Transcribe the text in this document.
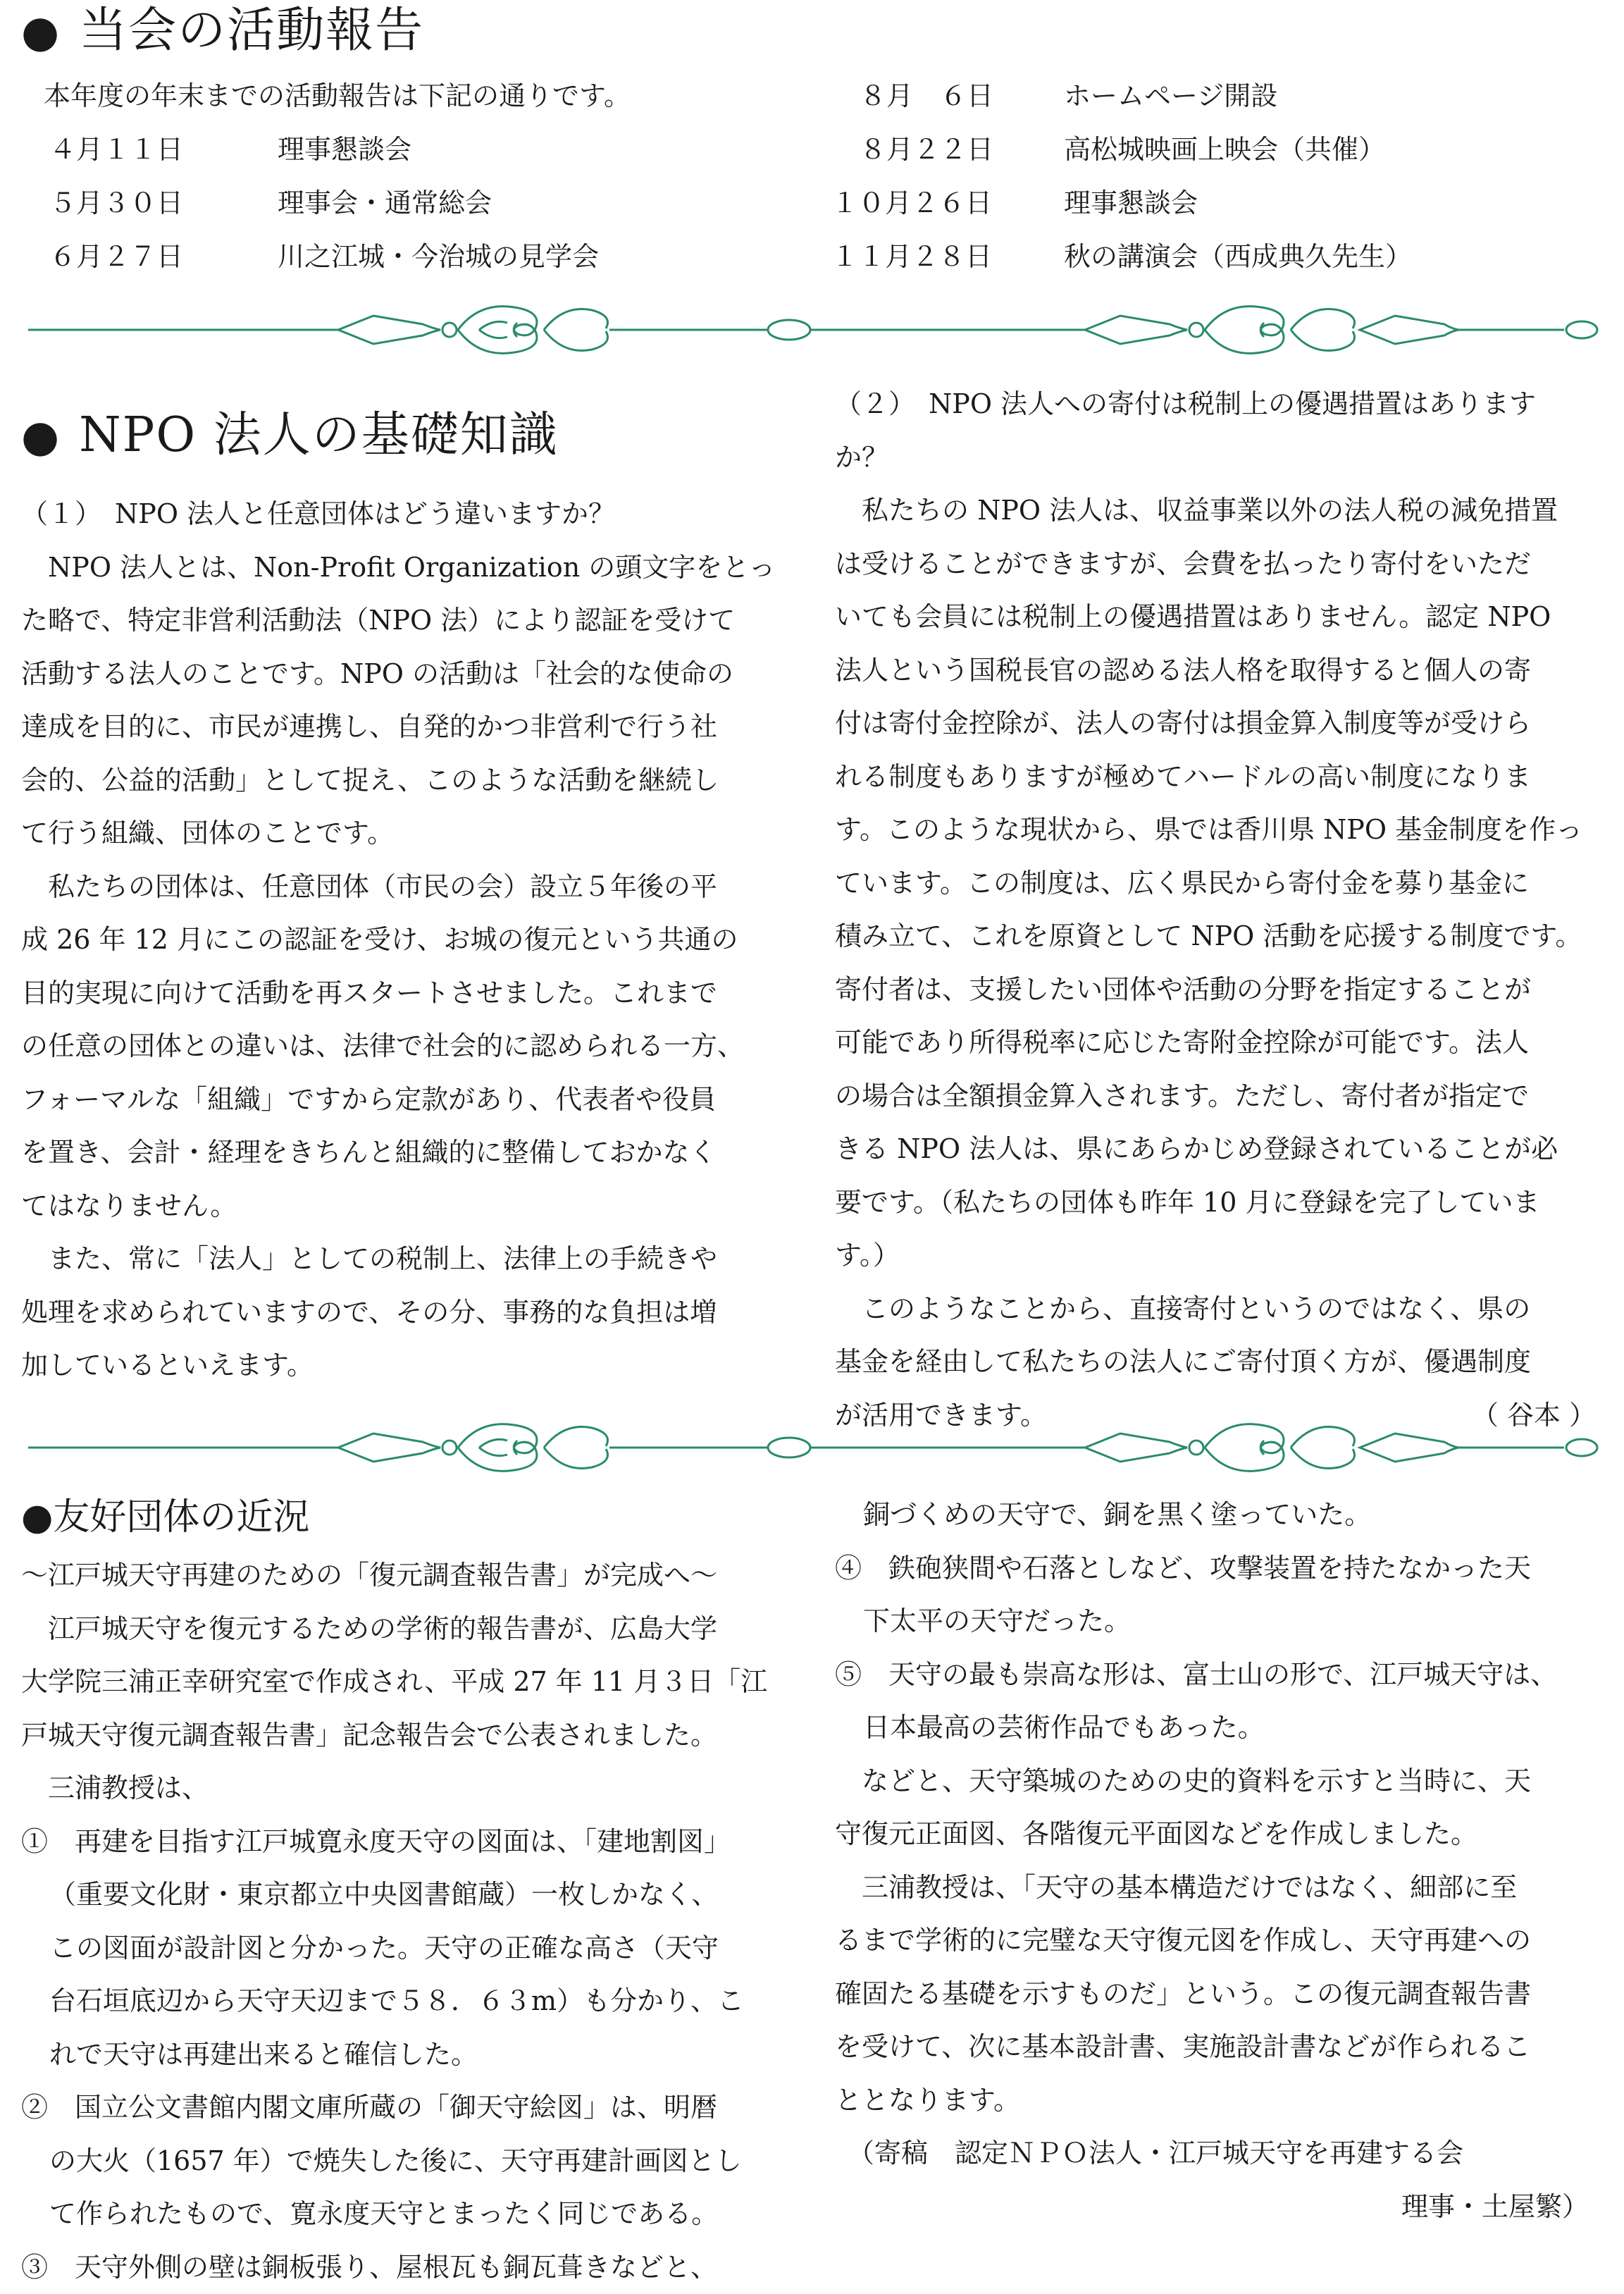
● 当会の活動報告
本年度の年末までの活動報告は下記の通りです。
４月１１日	理事懇談会
５月３０日	理事会・通常総会
６月２７日	川之江城・今治城の見学会
８月　６日	ホームページ開設
８月２２日	高松城映画上映会（共催）
１０月２６日	理事懇談会
１１月２８日	秋の講演会（西成典久先生）
● NPO 法人の基礎知識

（１）　NPO 法人と任意団体はどう違いますか？

　NPO 法人とは、Non-Profit Organization の頭文字をとっ

た略で、特定非営利活動法（NPO 法）により認証を受けて

活動する法人のことです。NPO の活動は「社会的な使命の

達成を目的に、市民が連携し、自発的かつ非営利で行う社

会的、公益的活動」として捉え、このような活動を継続し

て行う組織、団体のことです。

　私たちの団体は、任意団体（市民の会）設立５年後の平

成 26 年 12 月にこの認証を受け、お城の復元という共通の

目的実現に向けて活動を再スタートさせました。これまで

の任意の団体との違いは、法律で社会的に認められる一方、

フォーマルな「組織」ですから定款があり、代表者や役員

を置き、会計・経理をきちんと組織的に整備しておかなく

てはなりません。

　また、常に「法人」としての税制上、法律上の手続きや

処理を求められていますので、その分、事務的な負担は増

加しているといえます。

（２）　NPO 法人への寄付は税制上の優遇措置はあります

か？

　私たちの NPO 法人は、収益事業以外の法人税の減免措置

は受けることができますが、会費を払ったり寄付をいただ

いても会員には税制上の優遇措置はありません。認定 NPO

法人という国税長官の認める法人格を取得すると個人の寄

付は寄付金控除が、法人の寄付は損金算入制度等が受けら

れる制度もありますが極めてハードルの高い制度になりま

す。このような現状から、県では香川県 NPO 基金制度を作っ

ています。この制度は、広く県民から寄付金を募り基金に

積み立て、これを原資として NPO 活動を応援する制度です。

寄付者は、支援したい団体や活動の分野を指定することが

可能であり所得税率に応じた寄附金控除が可能です。法人

の場合は全額損金算入されます。ただし、寄付者が指定で

きる NPO 法人は、県にあらかじめ登録されていることが必

要です。（私たちの団体も昨年 10 月に登録を完了していま

す。）

　このようなことから、直接寄付というのではなく、県の

基金を経由して私たちの法人にご寄付頂く方が、優遇制度

が活用できます。	（ 谷本 ）

●友好団体の近況

～江戸城天守再建のための「復元調査報告書」が完成へ～

　江戸城天守を復元するための学術的報告書が、広島大学

大学院三浦正幸研究室で作成され、平成 27 年 11 月３日「江

戸城天守復元調査報告書」記念報告会で公表されました。

　三浦教授は、

①　再建を目指す江戸城寛永度天守の図面は、「建地割図」

（重要文化財・東京都立中央図書館蔵）一枚しかなく、

この図面が設計図と分かった。天守の正確な高さ（天守

台石垣底辺から天守天辺まで５８．６３m）も分かり、こ

れで天守は再建出来ると確信した。

②　国立公文書館内閣文庫所蔵の「御天守絵図」は、明暦

の大火（1657 年）で焼失した後に、天守再建計画図とし

て作られたもので、寛永度天守とまったく同じである。

③　天守外側の壁は銅板張り、屋根瓦も銅瓦葺きなどと、

銅づくめの天守で、銅を黒く塗っていた。

④　鉄砲狭間や石落としなど、攻撃装置を持たなかった天

下太平の天守だった。

⑤　天守の最も崇高な形は、富士山の形で、江戸城天守は、

日本最高の芸術作品でもあった。

　などと、天守築城のための史的資料を示すと当時に、天

守復元正面図、各階復元平面図などを作成しました。

　三浦教授は、「天守の基本構造だけではなく、細部に至

るまで学術的に完璧な天守復元図を作成し、天守再建への

確固たる基礎を示すものだ」という。この復元調査報告書

を受けて、次に基本設計書、実施設計書などが作られるこ

ととなります。

（寄稿　認定ＮＰＯ法人・江戸城天守を再建する会

理事・土屋繁）
